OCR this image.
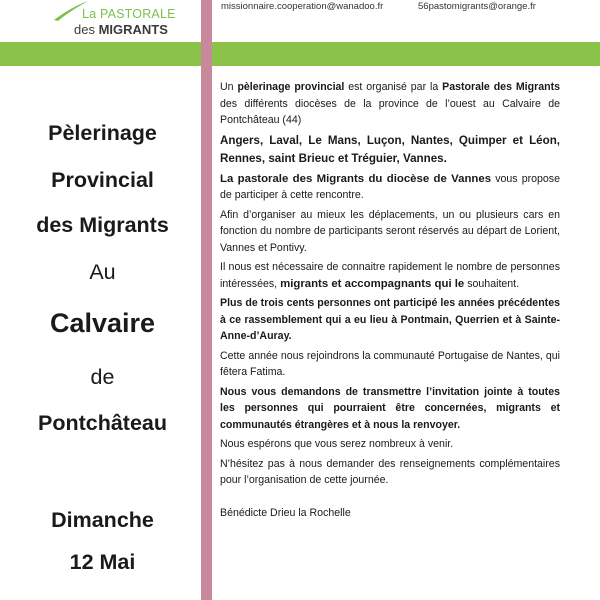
La PASTORALE
des MIGRANTS
missionnaire.cooperation@wanadoo.fr	56pastomigrants@orange.fr
Pèlerinage
Provincial
des Migrants
Au
Calvaire
de
Pontchâteau
Dimanche
12 Mai

Un pèlerinage provincial est organisé par la Pastorale des Migrants des différents diocèses de la province de l’ouest au Calvaire de Pontchâteau (44)

Angers, Laval, Le Mans, Luçon, Nantes, Quimper et Léon, Rennes, saint Brieuc et Tréguier, Vannes.

La pastorale des Migrants du diocèse de Vannes vous propose de participer à cette rencontre.

Afin d’organiser au mieux les déplacements, un ou plusieurs cars en fonction du nombre de participants seront réservés au départ de Lorient, Vannes et Pontivy.

Il nous est nécessaire de connaitre rapidement le nombre de personnes intéressées, migrants et accompagnants qui le souhaitent.

Plus de trois cents personnes ont participé les années précédentes à ce rassemblement qui a eu lieu à Pontmain, Querrien et à Sainte-Anne-d’Auray.

Cette année nous rejoindrons la communauté Portugaise de Nantes, qui fêtera Fatima.

Nous vous demandons de transmettre l’invitation jointe à toutes les personnes qui pourraient être concernées, migrants et communautés étrangères et à nous la renvoyer.

Nous espérons que vous serez nombreux à venir.

N’hésitez pas à nous demander des renseignements complémentaires pour l’organisation de cette journée.

Bénédicte Drieu la Rochelle
